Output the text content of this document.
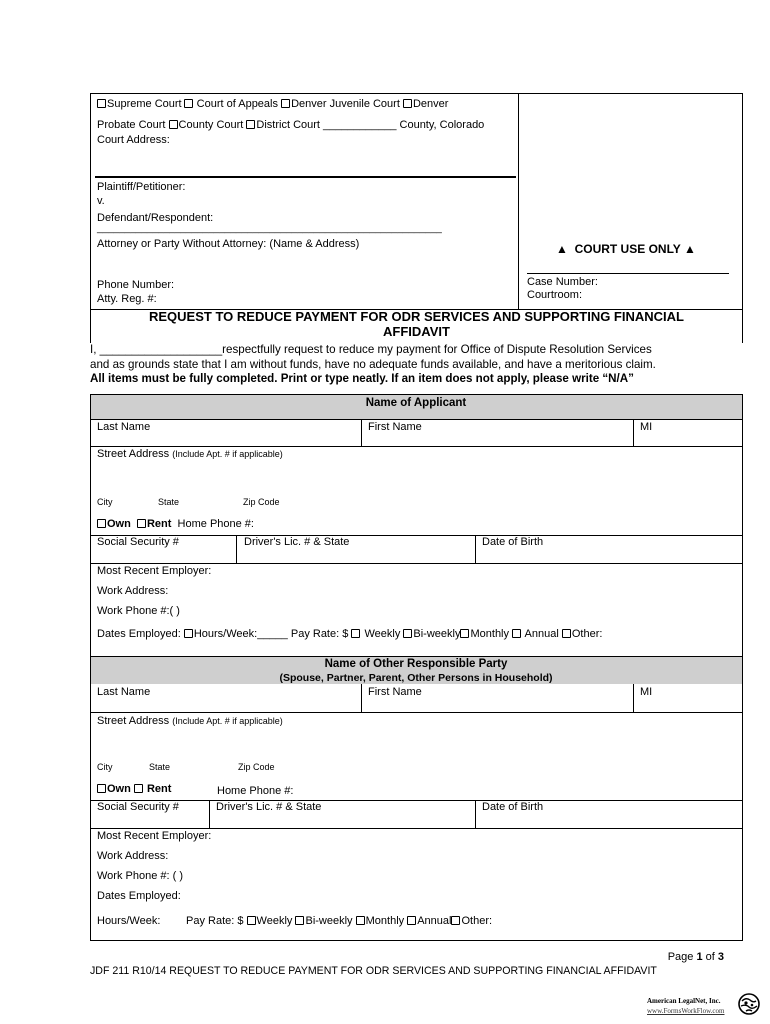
Supreme Court Court of Appeals Denver Juvenile Court Denver
Probate Court County Court District Court ____________ County, Colorado
Court Address:
Plaintiff/Petitioner:
v.
Defendant/Respondent:
______________________________________________________________
Attorney or Party Without Attorney: (Name & Address)
Phone Number:
Atty. Reg. #:
▲ COURT USE ONLY ▲
Case Number:
Courtroom:
REQUEST TO REDUCE PAYMENT FOR ODR SERVICES AND SUPPORTING FINANCIAL
AFFIDAVIT
I, ___________________respectfully request to reduce my payment for Office of Dispute Resolution Services
and as grounds state that I am without funds, have no adequate funds available, and have a meritorious claim.
All items must be fully completed. Print or type neatly. If an item does not apply, please write “N/A”
Name of Applicant
Last Name	First Name	MI
Street Address (Include Apt. # if applicable)
City	State	Zip Code
Own Rent Home Phone #:
Social Security #	Driver's Lic. # & State	Date of Birth
Most Recent Employer:
Work Address:
Work Phone #:( )
Dates Employed: Hours/Week:_____ Pay Rate: $ Weekly Bi-weekly Monthly Annual Other:
Name of Other Responsible Party
(Spouse, Partner, Parent, Other Persons in Household)
Last Name	First Name	MI
Street Address (Include Apt. # if applicable)
City	State	Zip Code
Own Rent	Home Phone #:
Social Security #	Driver's Lic. # & State	Date of Birth
Most Recent Employer:
Work Address:
Work Phone #: ( )
Dates Employed:
Hours/Week: Pay Rate: $ Weekly Bi-weekly Monthly Annual Other:
Page 1 of 3
JDF 211 R10/14 REQUEST TO REDUCE PAYMENT FOR ODR SERVICES AND SUPPORTING FINANCIAL AFFIDAVIT
American LegalNet, Inc.
www.FormsWorkFlow.com
